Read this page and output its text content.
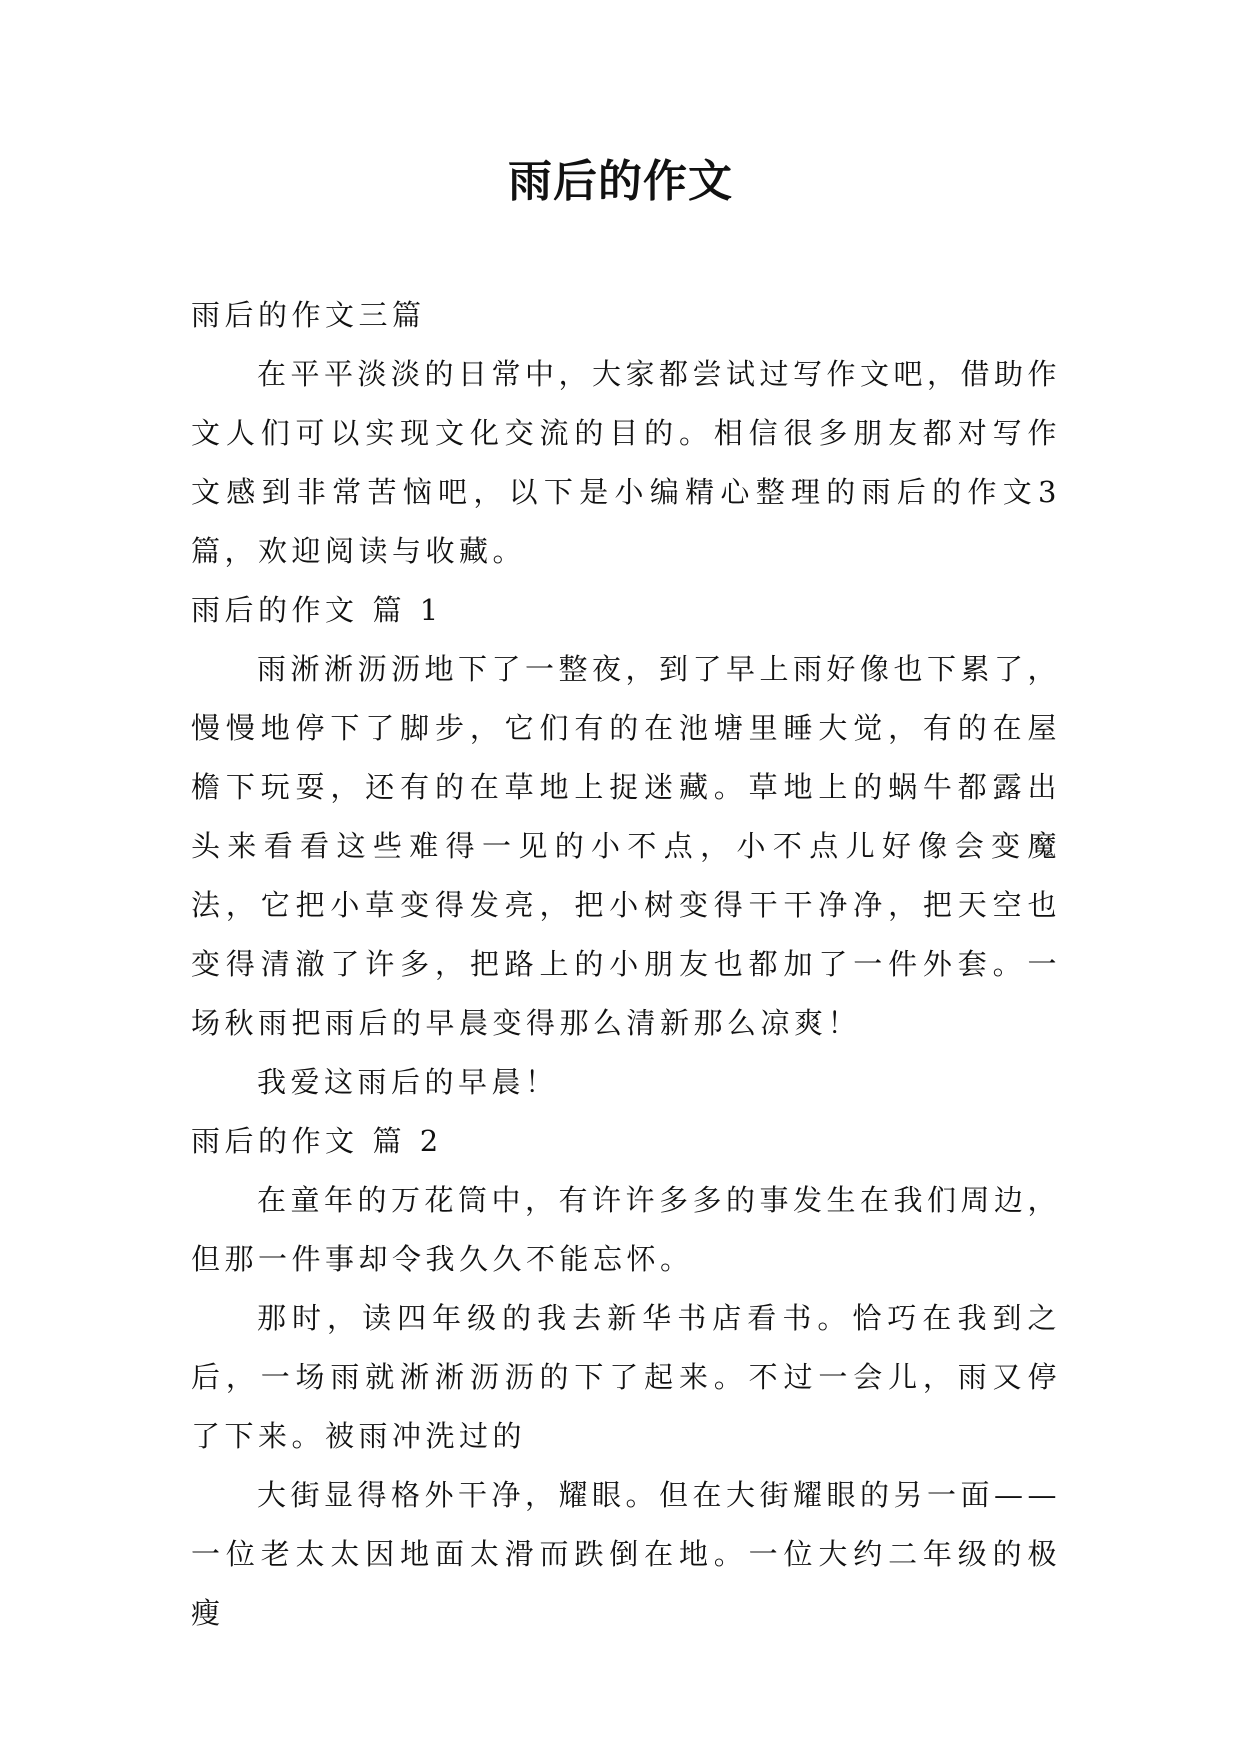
雨后的作文

雨后的作文三篇

在平平淡淡的日常中，大家都尝试过写作文吧，借助作文人们可以实现文化交流的目的。相信很多朋友都对写作文感到非常苦恼吧，以下是小编精心整理的雨后的作文3篇，欢迎阅读与收藏。

雨后的作文 篇 1

雨淅淅沥沥地下了一整夜，到了早上雨好像也下累了，慢慢地停下了脚步，它们有的在池塘里睡大觉，有的在屋檐下玩耍，还有的在草地上捉迷藏。草地上的蜗牛都露出头来看看这些难得一见的小不点，小不点儿好像会变魔法，它把小草变得发亮，把小树变得干干净净，把天空也变得清澈了许多，把路上的小朋友也都加了一件外套。一场秋雨把雨后的早晨变得那么清新那么凉爽！

我爱这雨后的早晨！

雨后的作文 篇 2

在童年的万花筒中，有许许多多的事发生在我们周边，但那一件事却令我久久不能忘怀。

那时，读四年级的我去新华书店看书。恰巧在我到之后，一场雨就淅淅沥沥的下了起来。不过一会儿，雨又停了下来。被雨冲洗过的

大街显得格外干净，耀眼。但在大街耀眼的另一面——一位老太太因地面太滑而跌倒在地。一位大约二年级的极瘦
